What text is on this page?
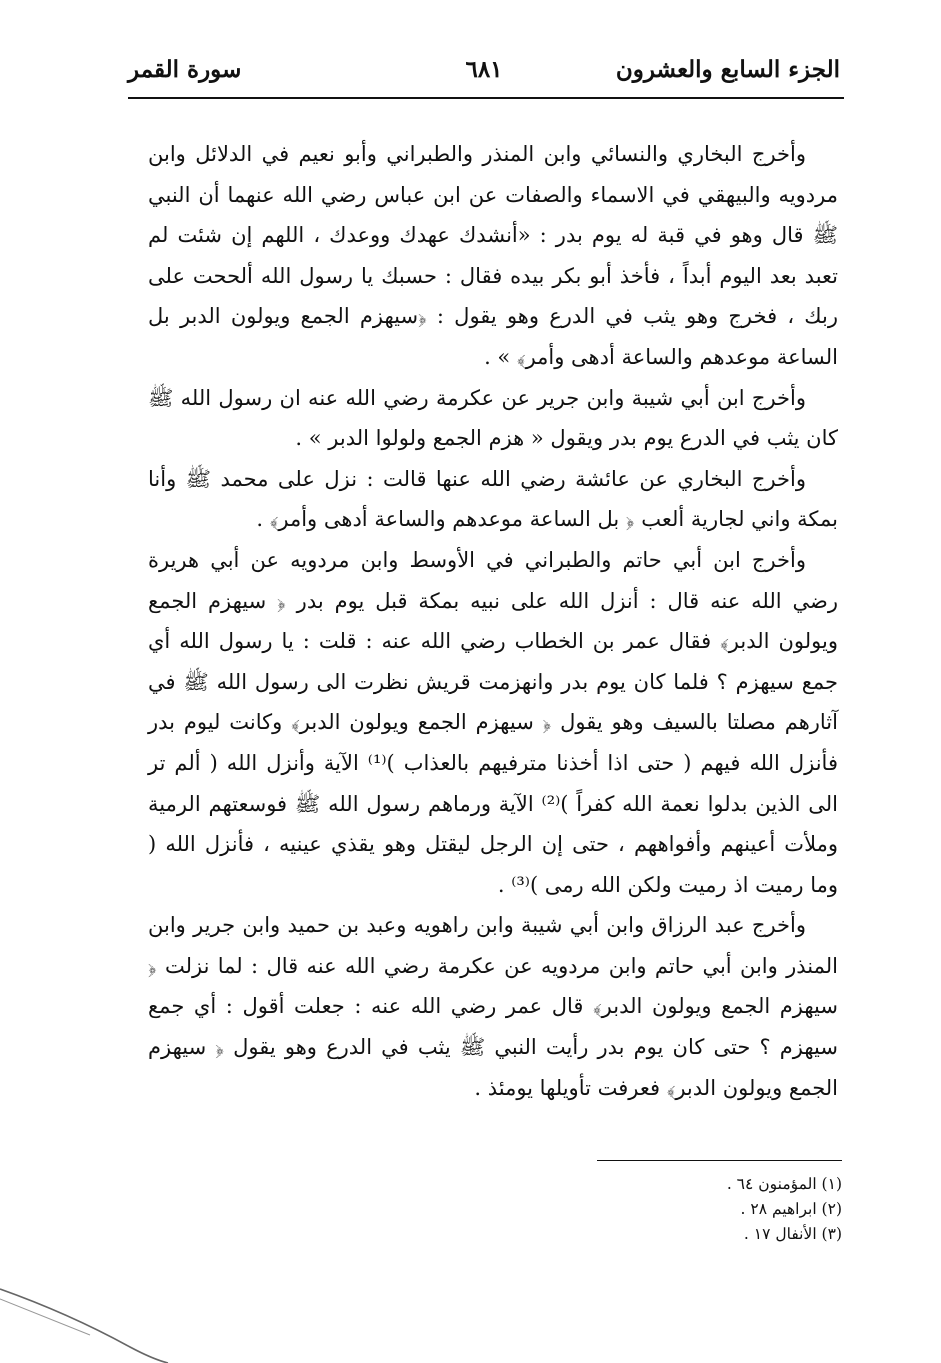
الجزء السابع والعشرون
٦٨١
سورة القمر

وأخرج البخاري والنسائي وابن المنذر والطبراني وأبو نعيم في الدلائل وابن مردويه والبيهقي في الاسماء والصفات عن ابن عباس رضي الله عنهما أن النبي ﷺ قال وهو في قبة له يوم بدر : «أنشدك عهدك ووعدك ، اللهم إن شئت لم تعبد بعد اليوم أبداً ، فأخذ أبو بكر بيده فقال : حسبك يا رسول الله ألححت على ربك ، فخرج وهو يثب في الدرع وهو يقول : ﴿سيهزم الجمع ويولون الدبر بل الساعة موعدهم والساعة أدهى وأمر﴾ » .

وأخرج ابن أبي شيبة وابن جرير عن عكرمة رضي الله عنه ان رسول الله ﷺ كان يثب في الدرع يوم بدر ويقول « هزم الجمع ولولوا الدبر » .

وأخرج البخاري عن عائشة رضي الله عنها قالت : نزل على محمد ﷺ وأنا بمكة واني لجارية ألعب ﴿ بل الساعة موعدهم والساعة أدهى وأمر﴾ .

وأخرج ابن أبي حاتم والطبراني في الأوسط وابن مردويه عن أبي هريرة رضي الله عنه قال : أنزل الله على نبيه بمكة قبل يوم بدر ﴿ سيهزم الجمع ويولون الدبر﴾ فقال عمر بن الخطاب رضي الله عنه : قلت : يا رسول الله أي جمع سيهزم ؟ فلما كان يوم بدر وانهزمت قريش نظرت الى رسول الله ﷺ في آثارهم مصلتا بالسيف وهو يقول ﴿ سيهزم الجمع ويولون الدبر﴾ وكانت ليوم بدر فأنزل الله فيهم ( حتى اذا أخذنا مترفيهم بالعذاب )⁽¹⁾ الآية وأنزل الله ( ألم تر الى الذين بدلوا نعمة الله كفراً )⁽²⁾ الآية ورماهم رسول الله ﷺ فوسعتهم الرمية وملأت أعينهم وأفواههم ، حتى إن الرجل ليقتل وهو يقذي عينيه ، فأنزل الله ( وما رميت اذ رميت ولكن الله رمى )⁽³⁾ .

وأخرج عبد الرزاق وابن أبي شيبة وابن راهويه وعبد بن حميد وابن جرير وابن المنذر وابن أبي حاتم وابن مردويه عن عكرمة رضي الله عنه قال : لما نزلت ﴿ سيهزم الجمع ويولون الدبر﴾ قال عمر رضي الله عنه : جعلت أقول : أي جمع سيهزم ؟ حتى كان يوم بدر رأيت النبي ﷺ يثب في الدرع وهو يقول ﴿ سيهزم الجمع ويولون الدبر﴾ فعرفت تأويلها يومئذ .

(١) المؤمنون ٦٤ .
(٢) ابراهيم ٢٨ .
(٣) الأنفال ١٧ .
